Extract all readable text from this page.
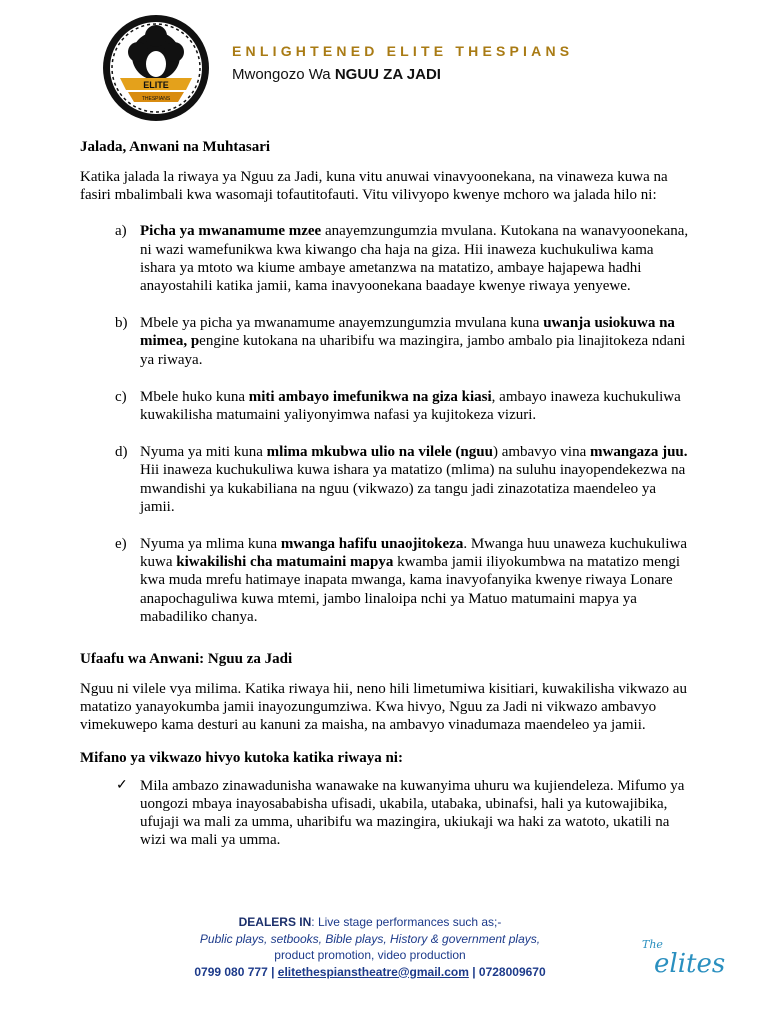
ELITE
THESPIANS
ENLIGHTENED ELITE THESPIANS
Mwongozo Wa NGUU ZA JADI
Jalada, Anwani na Muhtasari

Katika jalada la riwaya ya Nguu za Jadi, kuna vitu anuwai vinavyoonekana, na vinaweza kuwa na fasiri mbalimbali kwa wasomaji tofautitofauti. Vitu vilivyopo kwenye mchoro wa jalada hilo ni:

a) Picha ya mwanamume mzee anayemzungumzia mvulana. Kutokana na wanavyoonekana, ni wazi wamefunikwa kwa kiwango cha haja na giza. Hii inaweza kuchukuliwa kama ishara ya mtoto wa kiume ambaye ametanzwa na matatizo, ambaye hajapewa hadhi anayostahili katika jamii, kama inavyoonekana baadaye kwenye riwaya yenyewe.
b) Mbele ya picha ya mwanamume anayemzungumzia mvulana kuna uwanja usiokuwa na mimea, pengine kutokana na uharibifu wa mazingira, jambo ambalo pia linajitokeza ndani ya riwaya.
c) Mbele huko kuna miti ambayo imefunikwa na giza kiasi, ambayo inaweza kuchukuliwa kuwakilisha matumaini yaliyonyimwa nafasi ya kujitokeza vizuri.
d) Nyuma ya miti kuna mlima mkubwa ulio na vilele (nguu) ambavyo vina mwangaza juu. Hii inaweza kuchukuliwa kuwa ishara ya matatizo (mlima) na suluhu inayopendekezwa na mwandishi ya kukabiliana na nguu (vikwazo) za tangu jadi zinazotatiza maendeleo ya jamii.
e) Nyuma ya mlima kuna mwanga hafifu unaojitokeza. Mwanga huu unaweza kuchukuliwa kuwa kiwakilishi cha matumaini mapya kwamba jamii iliyokumbwa na matatizo mengi kwa muda mrefu hatimaye inapata mwanga, kama inavyofanyika kwenye riwaya Lonare anapochaguliwa kuwa mtemi, jambo linaloipa nchi ya Matuo matumaini mapya ya mabadiliko chanya.
Ufaafu wa Anwani: Nguu za Jadi

Nguu ni vilele vya milima. Katika riwaya hii, neno hili limetumiwa kisitiari, kuwakilisha vikwazo au matatizo yanayokumba jamii inayozungumziwa. Kwa hivyo, Nguu za Jadi ni vikwazo ambavyo vimekuwepo kama desturi au kanuni za maisha, na ambavyo vinadumaza maendeleo ya jamii.

Mifano ya vikwazo hivyo kutoka katika riwaya ni:
✓ Mila ambazo zinawadunisha wanawake na kuwanyima uhuru wa kujiendeleza. Mifumo ya uongozi mbaya inayosababisha ufisadi, ukabila, utabaka, ubinafsi, hali ya kutowajibika, ufujaji wa mali za umma, uharibifu wa mazingira, ukiukaji wa haki za watoto, ukatili na wizi wa mali ya umma.
DEALERS IN: Live stage performances such as;-
Public plays, setbooks, Bible plays, History & government plays,
product promotion, video production
0799 080 777 | elitethespianstheatre@gmail.com | 0728009670
The
elites
